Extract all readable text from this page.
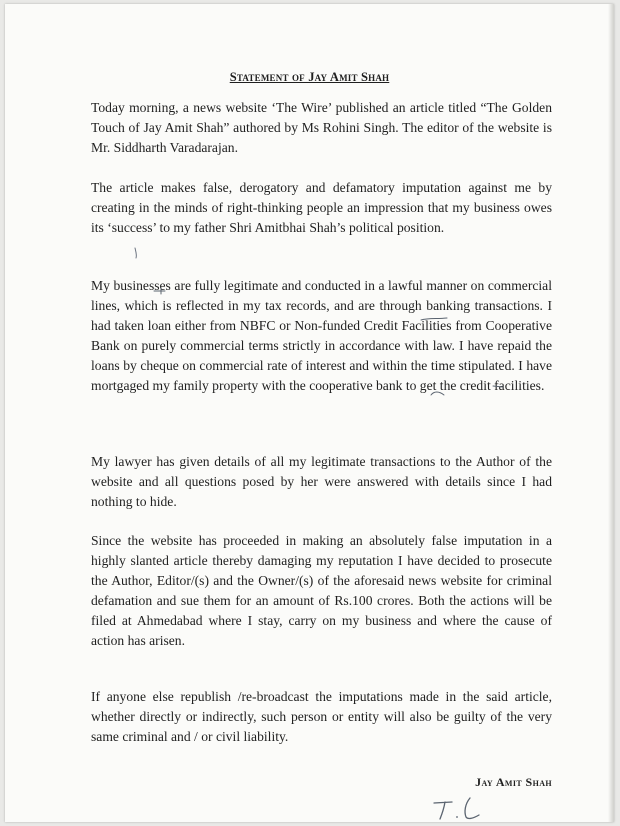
Statement of Jay Amit Shah

Today morning, a news website ‘The Wire’ published an article titled “The Golden Touch of Jay Amit Shah” authored by Ms Rohini Singh. The editor of the website is Mr. Siddharth Varadarajan.

The article makes false, derogatory and defamatory imputation against me by creating in the minds of right-thinking people an impression that my business owes its ‘success’ to my father Shri Amitbhai Shah’s political position.

My businesses are fully legitimate and conducted in a lawful manner on commercial lines, which is reflected in my tax records, and are through banking transactions. I had taken loan either from NBFC or Non-funded Credit Facilities from Cooperative Bank on purely commercial terms strictly in accordance with law. I have repaid the loans by cheque on commercial rate of interest and within the time stipulated. I have mortgaged my family property with the cooperative bank to get the credit facilities.

My lawyer has given details of all my legitimate transactions to the Author of the website and all questions posed by her were answered with details since I had nothing to hide.

Since the website has proceeded in making an absolutely false imputation in a highly slanted article thereby damaging my reputation I have decided to prosecute the Author, Editor/(s) and the Owner/(s) of the aforesaid news website for criminal defamation and sue them for an amount of Rs.100 crores. Both the actions will be filed at Ahmedabad where I stay, carry on my business and where the cause of action has arisen.

If anyone else republish /re-broadcast the imputations made in the said article, whether directly or indirectly, such person or entity will also be guilty of the very same criminal and / or civil liability.

Jay Amit Shah
